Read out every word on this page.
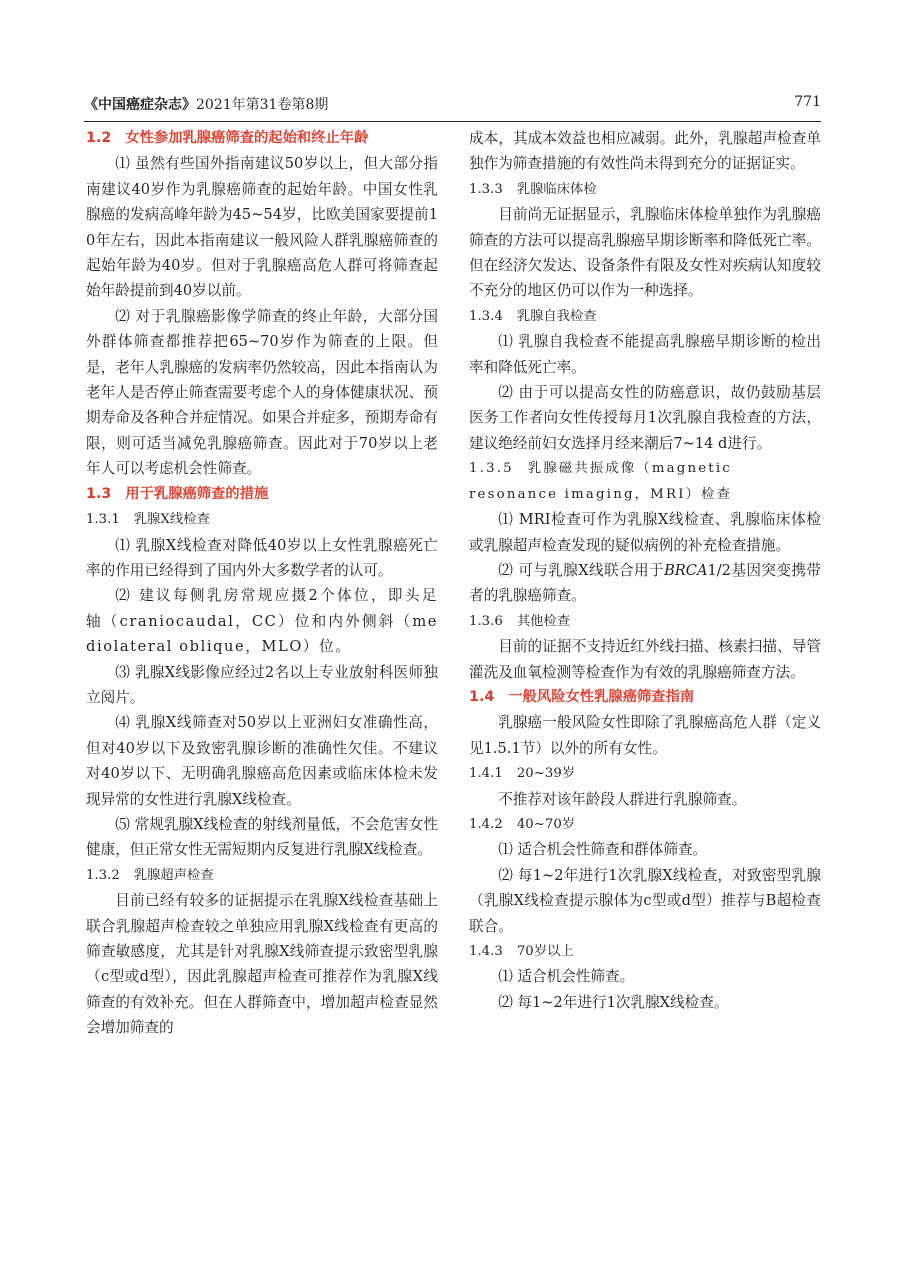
《中国癌症杂志》2021年第31卷第8期	771
1.2 女性参加乳腺癌筛查的起始和终止年龄
⑴ 虽然有些国外指南建议50岁以上，但大部分指南建议40岁作为乳腺癌筛查的起始年龄。中国女性乳腺癌的发病高峰年龄为45~54岁，比欧美国家要提前10年左右，因此本指南建议一般风险人群乳腺癌筛查的起始年龄为40岁。但对于乳腺癌高危人群可将筛查起始年龄提前到40岁以前。
⑵ 对于乳腺癌影像学筛查的终止年龄，大部分国外群体筛查都推荐把65~70岁作为筛查的上限。但是，老年人乳腺癌的发病率仍然较高，因此本指南认为老年人是否停止筛查需要考虑个人的身体健康状况、预期寿命及各种合并症情况。如果合并症多，预期寿命有限，则可适当减免乳腺癌筛查。因此对于70岁以上老年人可以考虑机会性筛查。
1.3 用于乳腺癌筛查的措施
1.3.1 乳腺X线检查
⑴ 乳腺X线检查对降低40岁以上女性乳腺癌死亡率的作用已经得到了国内外大多数学者的认可。
⑵ 建议每侧乳房常规应摄2个体位，即头足轴（craniocaudal，CC）位和内外侧斜（mediolateral oblique，MLO）位。
⑶ 乳腺X线影像应经过2名以上专业放射科医师独立阅片。
⑷ 乳腺X线筛查对50岁以上亚洲妇女准确性高，但对40岁以下及致密乳腺诊断的准确性欠佳。不建议对40岁以下、无明确乳腺癌高危因素或临床体检未发现异常的女性进行乳腺X线检查。
⑸ 常规乳腺X线检查的射线剂量低，不会危害女性健康，但正常女性无需短期内反复进行乳腺X线检查。
1.3.2 乳腺超声检查
目前已经有较多的证据提示在乳腺X线检查基础上联合乳腺超声检查较之单独应用乳腺X线检查有更高的筛查敏感度，尤其是针对乳腺X线筛查提示致密型乳腺（c型或d型），因此乳腺超声检查可推荐作为乳腺X线筛查的有效补充。但在人群筛查中，增加超声检查显然会增加筛查的
成本，其成本效益也相应减弱。此外，乳腺超声检查单独作为筛查措施的有效性尚未得到充分的证据证实。
1.3.3 乳腺临床体检
目前尚无证据显示，乳腺临床体检单独作为乳腺癌筛查的方法可以提高乳腺癌早期诊断率和降低死亡率。但在经济欠发达、设备条件有限及女性对疾病认知度较不充分的地区仍可以作为一种选择。
1.3.4 乳腺自我检查
⑴ 乳腺自我检查不能提高乳腺癌早期诊断的检出率和降低死亡率。
⑵ 由于可以提高女性的防癌意识，故仍鼓励基层医务工作者向女性传授每月1次乳腺自我检查的方法，建议绝经前妇女选择月经来潮后7~14 d进行。
1.3.5 乳腺磁共振成像（magnetic resonance imaging，MRI）检查
⑴ MRI检查可作为乳腺X线检查、乳腺临床体检或乳腺超声检查发现的疑似病例的补充检查措施。
⑵ 可与乳腺X线联合用于BRCA1/2基因突变携带者的乳腺癌筛查。
1.3.6 其他检查
目前的证据不支持近红外线扫描、核素扫描、导管灌洗及血氧检测等检查作为有效的乳腺癌筛查方法。
1.4 一般风险女性乳腺癌筛查指南
乳腺癌一般风险女性即除了乳腺癌高危人群（定义见1.5.1节）以外的所有女性。
1.4.1 20~39岁
不推荐对该年龄段人群进行乳腺筛查。
1.4.2 40~70岁
⑴ 适合机会性筛查和群体筛查。
⑵ 每1~2年进行1次乳腺X线检查，对致密型乳腺（乳腺X线检查提示腺体为c型或d型）推荐与B超检查联合。
1.4.3 70岁以上
⑴ 适合机会性筛查。
⑵ 每1~2年进行1次乳腺X线检查。
